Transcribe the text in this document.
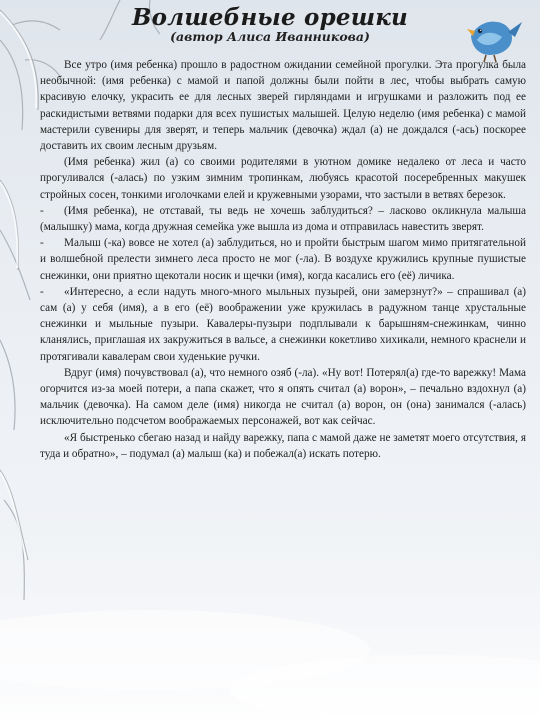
Волшебные орешки
(автор Алиса Иванникова)

Все утро (имя ребенка) прошло в радостном ожидании семейной прогулки. Эта прогулка была необычной: (имя ребенка) с мамой и папой должны были пойти в лес, чтобы выбрать самую красивую елочку, украсить ее для лесных зверей гирляндами и игрушками и разложить под ее раскидистыми ветвями подарки для всех пушистых малышей. Целую неделю (имя ребенка) с мамой мастерили сувениры для зверят, и теперь мальчик (девочка) ждал (а) не дождался (-ась) поскорее доставить их своим лесным друзьям.

(Имя ребенка) жил (а) со своими родителями в уютном домике недалеко от леса и часто прогуливался (-алась) по узким зимним тропинкам, любуясь красотой посеребренных макушек стройных сосен, тонкими иголочками елей и кружевными узорами, что застыли в ветвях березок.

- (Имя ребенка), не отставай, ты ведь не хочешь заблудиться? – ласково окликнула малыша (малышку) мама, когда дружная семейка уже вышла из дома и отправилась навестить зверят.

- Малыш (-ка) вовсе не хотел (а) заблудиться, но и пройти быстрым шагом мимо притягательной и волшебной прелести зимнего леса просто не мог (-ла). В воздухе кружились крупные пушистые снежинки, они приятно щекотали носик и щечки (имя), когда касались его (её) личика.

- «Интересно, а если надуть много-много мыльных пузырей, они замерзнут?» – спрашивал (а) сам (а) у себя (имя), а в его (её) воображении уже кружилась в радужном танце хрустальные снежинки и мыльные пузыри. Кавалеры-пузыри подплывали к барышням-снежинкам, чинно кланялись, приглашая их закружиться в вальсе, а снежинки кокетливо хихикали, немного краснели и протягивали кавалерам свои худенькие ручки.

Вдруг (имя) почувствовал (а), что немного озяб (-ла). «Ну вот! Потерял(а) где-то варежку! Мама огорчится из-за моей потери, а папа скажет, что я опять считал (а) ворон», – печально вздохнул (а) мальчик (девочка). На самом деле (имя) никогда не считал (а) ворон, он (она) занимался (-алась) исключительно подсчетом воображаемых персонажей, вот как сейчас.

«Я быстренько сбегаю назад и найду варежку, папа с мамой даже не заметят моего отсутствия, я туда и обратно», – подумал (а) малыш (ка) и побежал(а) искать потерю.
